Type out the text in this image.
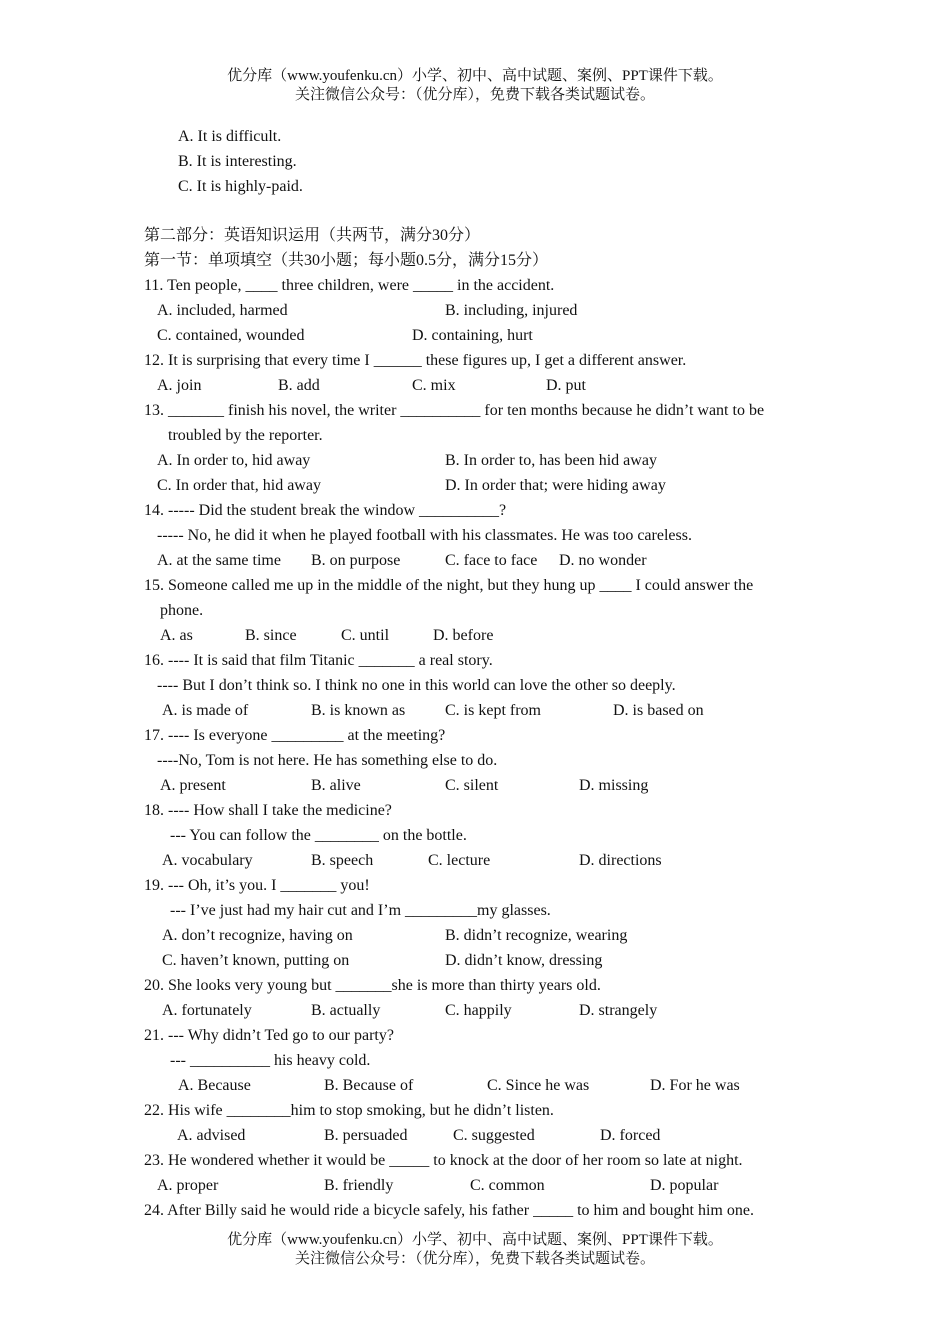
优分库（www.youfenku.cn）小学、初中、高中试题、案例、PPT课件下载。
关注微信公众号：（优分库），免费下载各类试题试卷。
A. It is difficult.
B. It is interesting.
C. It is highly-paid.
第二部分：英语知识运用（共两节，满分30分）
第一节：单项填空（共30小题；每小题0.5分，满分15分）
11. Ten people, ____ three children, were _____ in the accident.
A. included, harmed	B. including, injured
C. contained, wounded	D. containing, hurt
12. It is surprising that every time I ______ these figures up, I get a different answer.
A. join	B. add	C. mix	D. put
13. _______ finish his novel, the writer __________ for ten months because he didn’t want to be
troubled by the reporter.
A. In order to, hid away	B. In order to, has been hid away
C. In order that, hid away	D. In order that; were hiding away
14. ----- Did the student break the window __________?
----- No, he did it when he played football with his classmates. He was too careless.
A. at the same time B. on purpose	C. face to face D. no wonder
15. Someone called me up in the middle of the night, but they hung up ____ I could answer the
phone.
A. as	B. since	C. until	D. before
16. ---- It is said that film Titanic _______ a real story.
---- But I don’t think so. I think no one in this world can love the other so deeply.
A. is made of	B. is known as C. is kept from	D. is based on
17. ---- Is everyone _________ at the meeting?
----No, Tom is not here. He has something else to do.
A. present	B. alive	C. silent	D. missing
18. ---- How shall I take the medicine?
--- You can follow the ________ on the bottle.
A. vocabulary	B. speech	C. lecture	D. directions
19. --- Oh, it’s you. I _______ you!
--- I’ve just had my hair cut and I’m _________my glasses.
A. don’t recognize, having on	B. didn’t recognize, wearing
C. haven’t known, putting on	D. didn’t know, dressing
20. She looks very young but _______she is more than thirty years old.
A. fortunately	B. actually	C. happily	D. strangely
21. --- Why didn’t Ted go to our party?
--- __________ his heavy cold.
A. Because	B. Because of	C. Since he was	D. For he was
22. His wife ________him to stop smoking, but he didn’t listen.
A. advised	B. persuaded	C. suggested	D. forced
23. He wondered whether it would be _____ to knock at the door of her room so late at night.
A. proper	B. friendly	C. common	D. popular
24. After Billy said he would ride a bicycle safely, his father _____ to him and bought him one.
优分库（www.youfenku.cn）小学、初中、高中试题、案例、PPT课件下载。
关注微信公众号：（优分库），免费下载各类试题试卷。
